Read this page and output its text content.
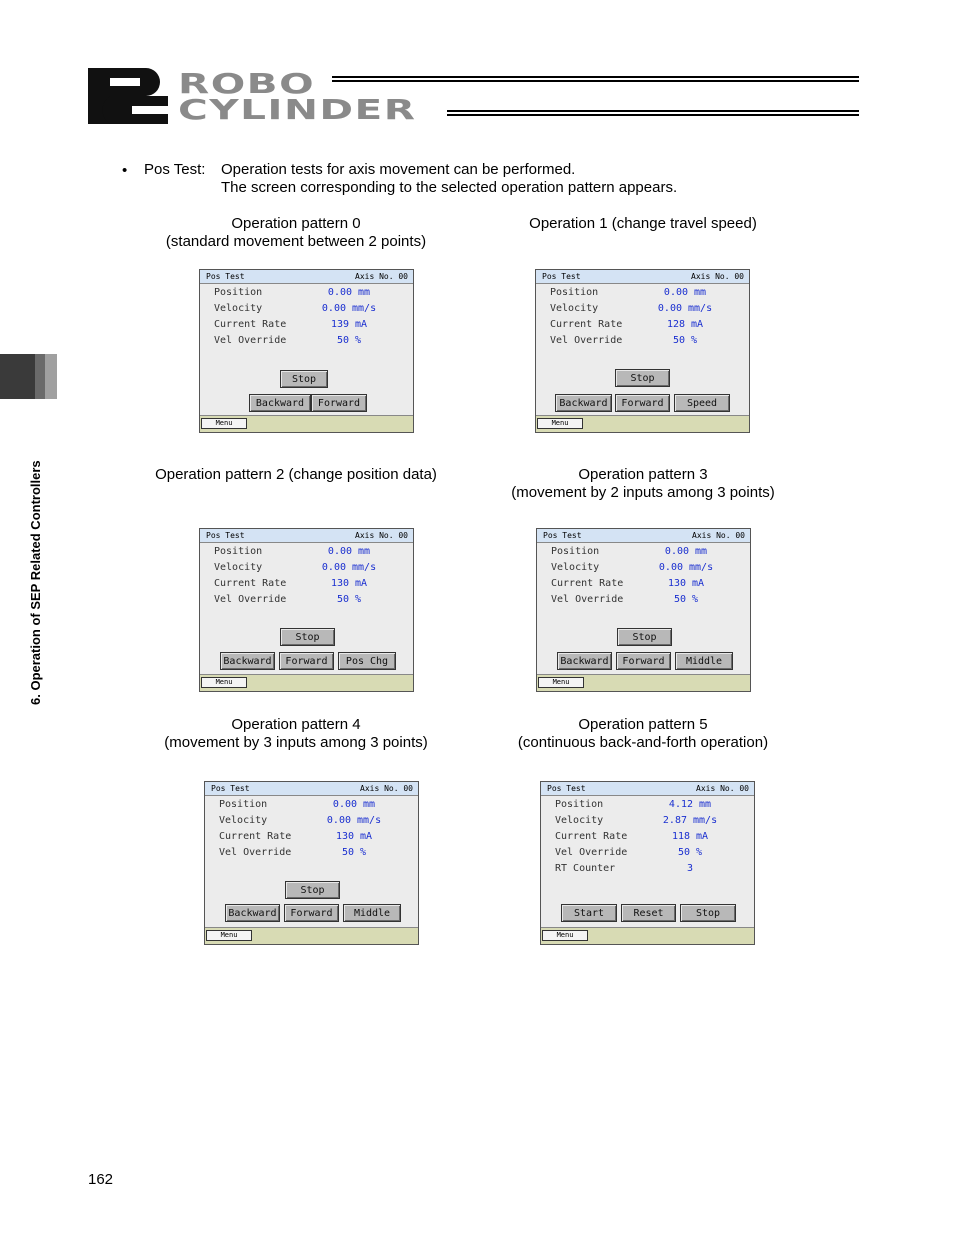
ROBO
CYLINDER
6. Operation of SEP Related Controllers
• Pos Test: Operation tests for axis movement can be performed.
The screen corresponding to the selected operation pattern appears.
Operation pattern 0
(standard movement between 2 points)
Pos Test	Axis No. 00
Position	0.00 mm
Velocity	0.00 mm/s
Current Rate	139 mA
Vel Override	50 %
Stop
Backward	Forward
Menu
Operation 1 (change travel speed)
Pos Test	Axis No. 00
Position	0.00 mm
Velocity	0.00 mm/s
Current Rate	128 mA
Vel Override	50 %
Stop
Backward	Forward	Speed
Menu
Operation pattern 2 (change position data)
Pos Test	Axis No. 00
Position	0.00 mm
Velocity	0.00 mm/s
Current Rate	130 mA
Vel Override	50 %
Stop
Backward	Forward	Pos Chg
Menu
Operation pattern 3
(movement by 2 inputs among 3 points)
Pos Test	Axis No. 00
Position	0.00 mm
Velocity	0.00 mm/s
Current Rate	130 mA
Vel Override	50 %
Stop
Backward	Forward	Middle
Menu
Operation pattern 4
(movement by 3 inputs among 3 points)
Pos Test	Axis No. 00
Position	0.00 mm
Velocity	0.00 mm/s
Current Rate	130 mA
Vel Override	50 %
Stop
Backward	Forward	Middle
Menu
Operation pattern 5
(continuous back-and-forth operation)
Pos Test	Axis No. 00
Position	4.12 mm
Velocity	2.87 mm/s
Current Rate	118 mA
Vel Override	50 %
RT Counter	3
Start	Reset	Stop
Menu
162
